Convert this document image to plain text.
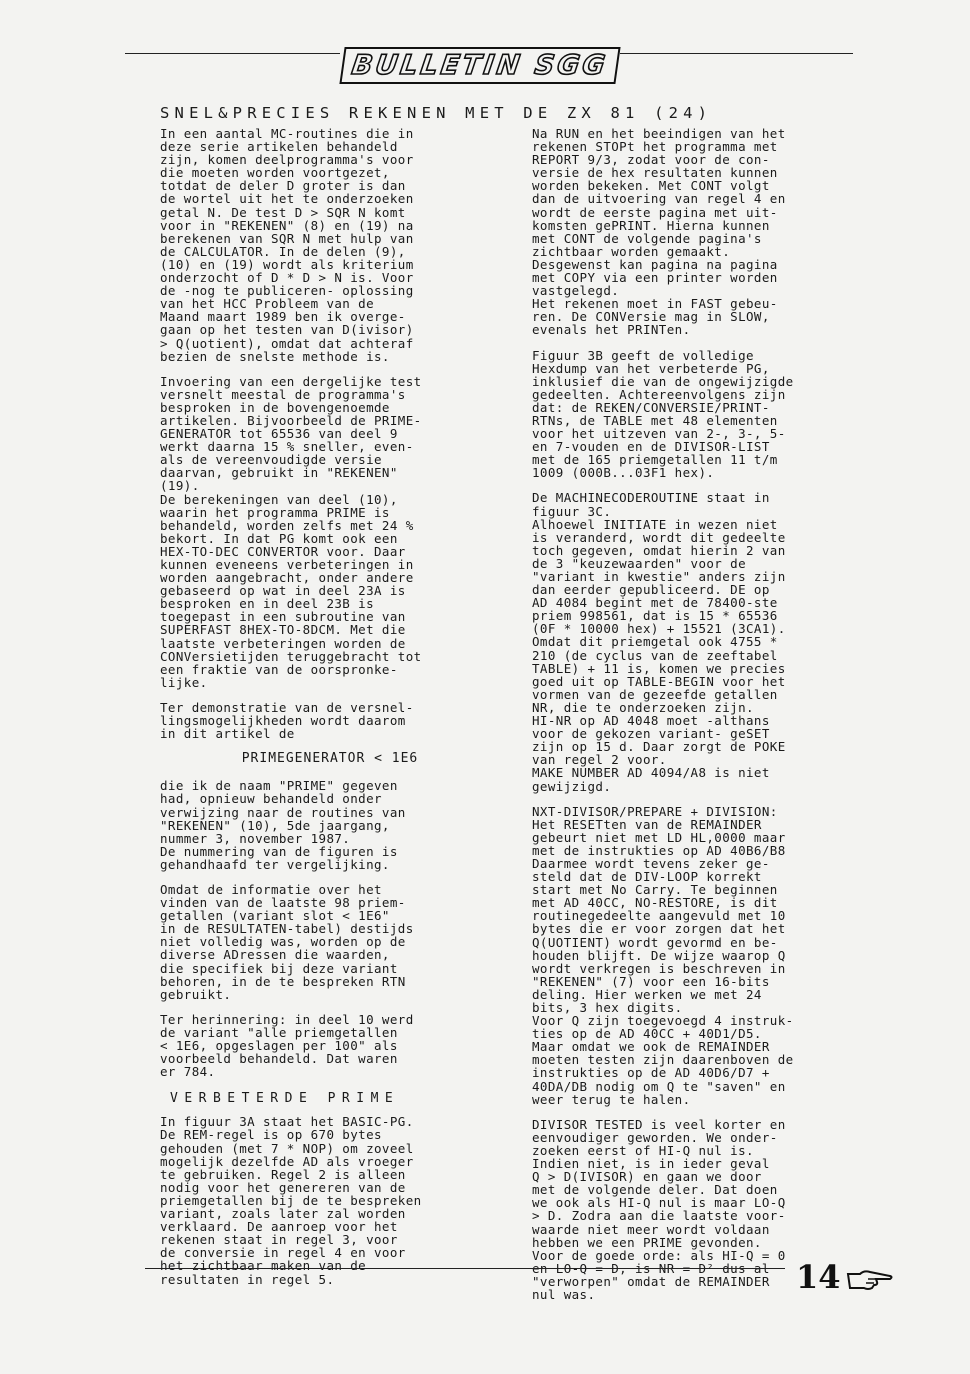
BULLETIN SGG
SNEL&PRECIES REKENEN MET DE ZX 81 (24)

In een aantal MC-routines die in
deze serie artikelen behandeld
zijn, komen deelprogramma's voor
die moeten worden voortgezet,
totdat de deler D groter is dan
de wortel uit het te onderzoeken
getal N. De test D > SQR N komt
voor in "REKENEN" (8) en (19) na
berekenen van SQR N met hulp van
de CALCULATOR. In de delen (9),
(10) en (19) wordt als kriterium
onderzocht of D * D > N is. Voor
de -nog te publiceren- oplossing
van het HCC Probleem van de
Maand maart 1989 ben ik overge-
gaan op het testen van D(ivisor)
> Q(uotient), omdat dat achteraf
bezien de snelste methode is.

Invoering van een dergelijke test
versnelt meestal de programma's
besproken in de bovengenoemde
artikelen. Bijvoorbeeld de PRIME-
GENERATOR tot 65536 van deel 9
werkt daarna 15 % sneller, even-
als de vereenvoudigde versie
daarvan, gebruikt in "REKENEN"
(19).
De berekeningen van deel (10),
waarin het programma PRIME is
behandeld, worden zelfs met 24 %
bekort. In dat PG komt ook een
HEX-TO-DEC CONVERTOR voor. Daar
kunnen eveneens verbeteringen in
worden aangebracht, onder andere
gebaseerd op wat in deel 23A is
besproken en in deel 23B is
toegepast in een subroutine van
SUPERFAST 8HEX-TO-8DCM. Met die
laatste verbeteringen worden de
CONVersietijden teruggebracht tot
een fraktie van de oorspronke-
lijke.

Ter demonstratie van de versnel-
lingsmogelijkheden wordt daarom
in dit artikel de

PRIMEGENERATOR < 1E6

die ik de naam "PRIME" gegeven
had, opnieuw behandeld onder
verwijzing naar de routines van
"REKENEN" (10), 5de jaargang,
nummer 3, november 1987.
De nummering van de figuren is
gehandhaafd ter vergelijking.

Omdat de informatie over het
vinden van de laatste 98 priem-
getallen (variant slot < 1E6"
in de RESULTATEN-tabel) destijds
niet volledig was, worden op de
diverse ADressen die waarden,
die specifiek bij deze variant
behoren, in de te bespreken RTN
gebruikt.

Ter herinnering: in deel 10 werd
de variant "alle priemgetallen
< 1E6, opgeslagen per 100" als
voorbeeld behandeld. Dat waren
er 784.

VERBETERDE PRIME

In figuur 3A staat het BASIC-PG.
De REM-regel is op 670 bytes
gehouden (met 7 * NOP) om zoveel
mogelijk dezelfde AD als vroeger
te gebruiken. Regel 2 is alleen
nodig voor het genereren van de
priemgetallen bij de te bespreken
variant, zoals later zal worden
verklaard. De aanroep voor het
rekenen staat in regel 3, voor
de conversie in regel 4 en voor
het zichtbaar maken van de
resultaten in regel 5.

Na RUN en het beeindigen van het
rekenen STOPt het programma met
REPORT 9/3, zodat voor de con-
versie de hex resultaten kunnen
worden bekeken. Met CONT volgt
dan de uitvoering van regel 4 en
wordt de eerste pagina met uit-
komsten gePRINT. Hierna kunnen
met CONT de volgende pagina's
zichtbaar worden gemaakt.
Desgewenst kan pagina na pagina
met COPY via een printer worden
vastgelegd.
Het rekenen moet in FAST gebeu-
ren. De CONVersie mag in SLOW,
evenals het PRINTen.

Figuur 3B geeft de volledige
Hexdump van het verbeterde PG,
inklusief die van de ongewijzigde
gedeelten. Achtereenvolgens zijn
dat: de REKEN/CONVERSIE/PRINT-
RTNs, de TABLE met 48 elementen
voor het uitzeven van 2-, 3-, 5-
en 7-vouden en de DIVISOR-LIST
met de 165 priemgetallen 11 t/m
1009 (000B...03F1 hex).

De MACHINECODEROUTINE staat in
figuur 3C.
Alhoewel INITIATE in wezen niet
is veranderd, wordt dit gedeelte
toch gegeven, omdat hierin 2 van
de 3 "keuzewaarden" voor de
"variant in kwestie" anders zijn
dan eerder gepubliceerd. DE op
AD 4084 begint met de 78400-ste
priem 998561, dat is 15 * 65536
(0F * 10000 hex) + 15521 (3CA1).
Omdat dit priemgetal ook 4755 *
210 (de cyclus van de zeeftabel
TABLE) + 11 is, komen we precies
goed uit op TABLE-BEGIN voor het
vormen van de gezeefde getallen
NR, die te onderzoeken zijn.
HI-NR op AD 4048 moet -althans
voor de gekozen variant- geSET
zijn op 15 d. Daar zorgt de POKE
van regel 2 voor.
MAKE NUMBER AD 4094/A8 is niet
gewijzigd.

NXT-DIVISOR/PREPARE + DIVISION:
Het RESETten van de REMAINDER
gebeurt niet met LD HL,0000 maar
met de instrukties op AD 40B6/B8
Daarmee wordt tevens zeker ge-
steld dat de DIV-LOOP korrekt
start met No Carry. Te beginnen
met AD 40CC, NO-RESTORE, is dit
routinegedeelte aangevuld met 10
bytes die er voor zorgen dat het
Q(UOTIENT) wordt gevormd en be-
houden blijft. De wijze waarop Q
wordt verkregen is beschreven in
"REKENEN" (7) voor een 16-bits
deling. Hier werken we met 24
bits, 3 hex digits.
Voor Q zijn toegevoegd 4 instruk-
ties op de AD 40CC + 40D1/D5.
Maar omdat we ook de REMAINDER
moeten testen zijn daarenboven de
instrukties op de AD 40D6/D7 +
40DA/DB nodig om Q te "saven" en
weer terug te halen.

DIVISOR TESTED is veel korter en
eenvoudiger geworden. We onder-
zoeken eerst of HI-Q nul is.
Indien niet, is in ieder geval
Q > D(IVISOR) en gaan we door
met de volgende deler. Dat doen
we ook als HI-Q nul is maar LO-Q
> D. Zodra aan die laatste voor-
waarde niet meer wordt voldaan
hebben we een PRIME gevonden.
Voor de goede orde: als HI-Q = 0
en LO-Q = D, is NR = D² dus al
"verworpen" omdat de REMAINDER
nul was.	14
